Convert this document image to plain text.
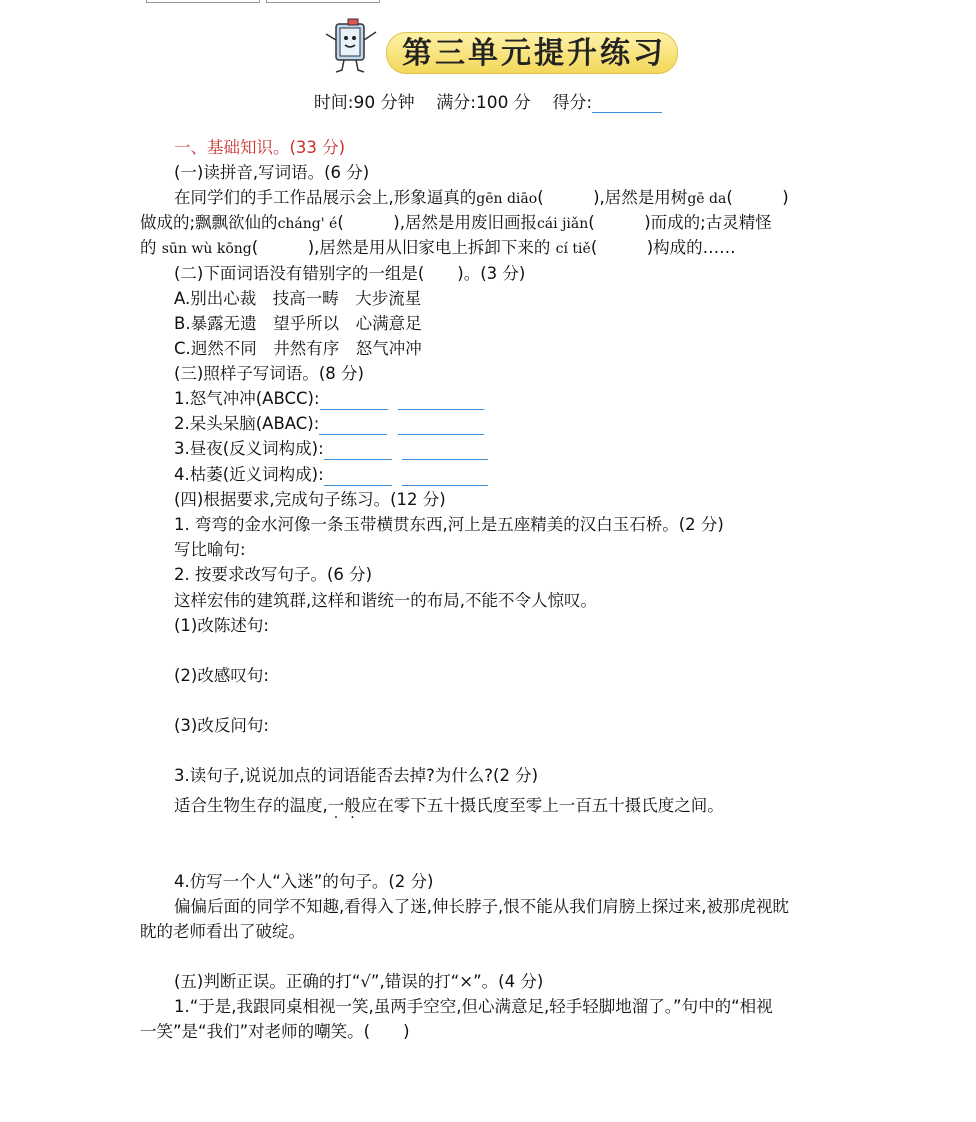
第三单元提升练习
时间:90 分钟 满分:100 分 得分:
一、基础知识。(33 分)
(一)读拼音,写词语。(6 分)
在同学们的手工作品展示会上,形象逼真的gēn diāo(　　　),居然是用树gē da(　　　)
做成的;飘飘欲仙的cháng' é(　　　),居然是用废旧画报cái jiǎn(　　　)而成的;古灵精怪
的 sūn wù kōng(　　　),居然是用从旧家电上拆卸下来的 cí tiě(　　　)构成的……
(二)下面词语没有错别字的一组是(　　)。(3 分)
A.别出心裁　技高一畴　大步流星
B.暴露无遗　望乎所以　心满意足
C.迥然不同　井然有序　怒气冲冲
(三)照样子写词语。(8 分)
1.怒气冲冲(ABCC):
2.呆头呆脑(ABAC):
3.昼夜(反义词构成):
4.枯萎(近义词构成):
(四)根据要求,完成句子练习。(12 分)
1. 弯弯的金水河像一条玉带横贯东西,河上是五座精美的汉白玉石桥。(2 分)
写比喻句:
2. 按要求改写句子。(6 分)
这样宏伟的建筑群,这样和谐统一的布局,不能不令人惊叹。
(1)改陈述句:
(2)改感叹句:
(3)改反问句:
3.读句子,说说加点的词语能否去掉?为什么?(2 分)
适合生物生存的温度,一般应在零下五十摄氏度至零上一百五十摄氏度之间。
4.仿写一个人“入迷”的句子。(2 分)
偏偏后面的同学不知趣,看得入了迷,伸长脖子,恨不能从我们肩膀上探过来,被那虎视眈
眈的老师看出了破绽。
(五)判断正误。正确的打“√”,错误的打“×”。(4 分)
1.“于是,我跟同桌相视一笑,虽两手空空,但心满意足,轻手轻脚地溜了。”句中的“相视
一笑”是“我们”对老师的嘲笑。(　　)
